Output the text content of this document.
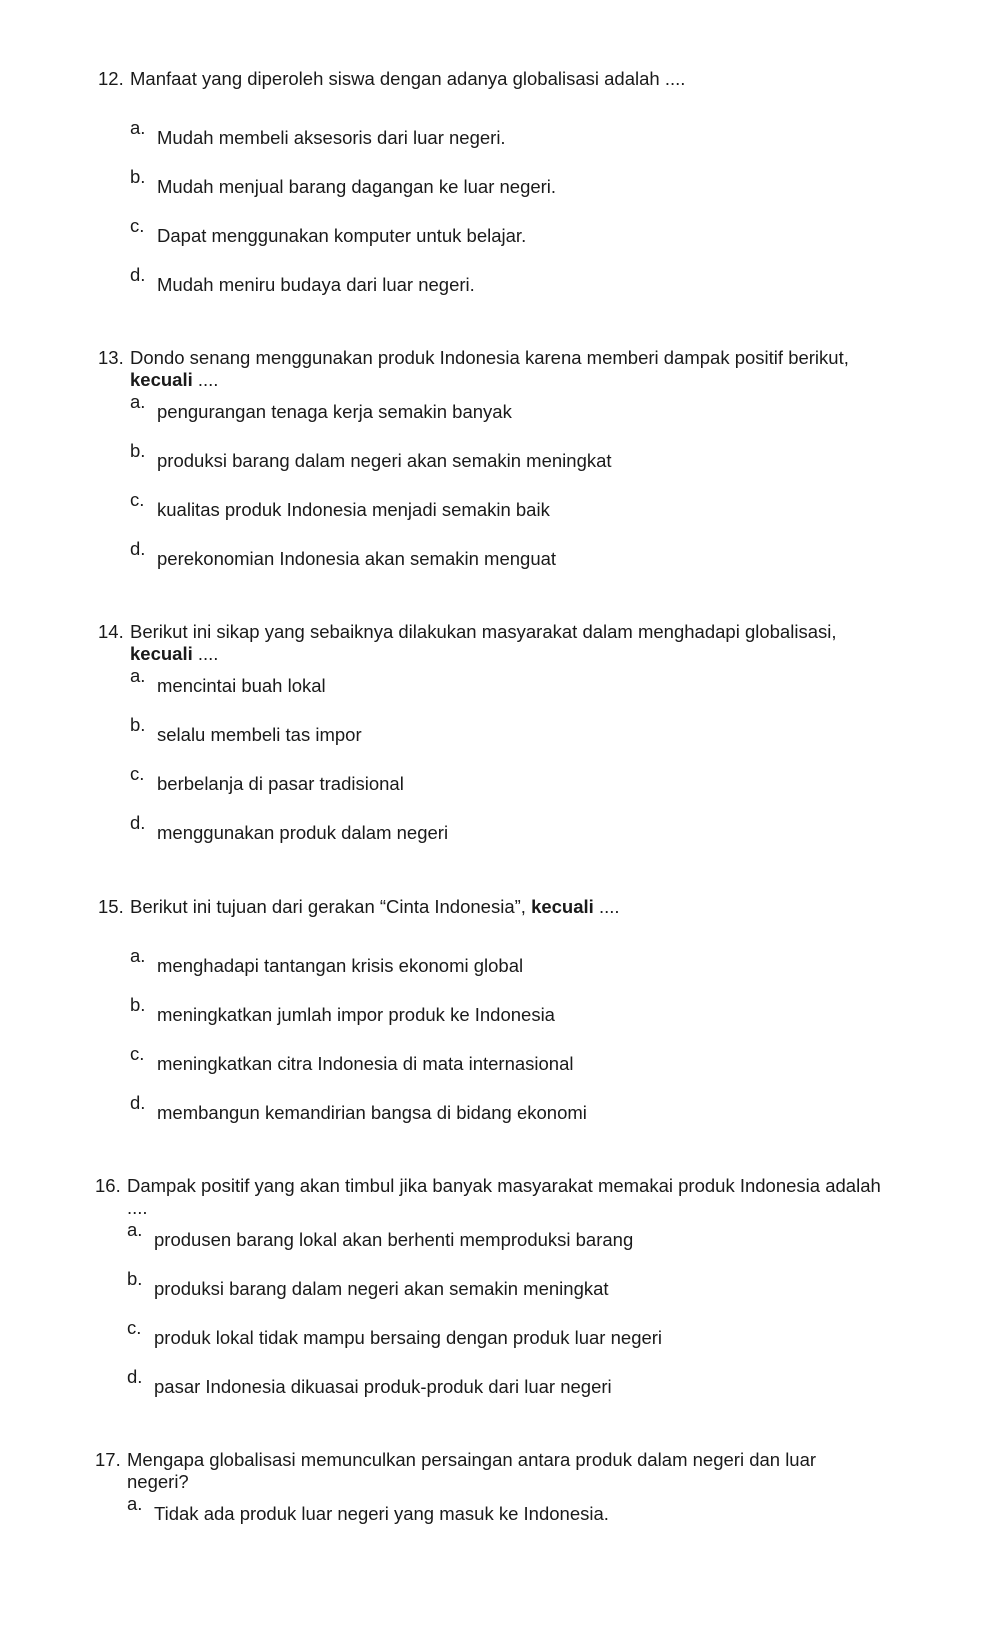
12. Manfaat yang diperoleh siswa dengan adanya globalisasi adalah ....
a. Mudah membeli aksesoris dari luar negeri.
b. Mudah menjual barang dagangan ke luar negeri.
c. Dapat menggunakan komputer untuk belajar.
d. Mudah meniru budaya dari luar negeri.
13. Dondo senang menggunakan produk Indonesia karena memberi dampak positif berikut, kecuali ....
a. pengurangan tenaga kerja semakin banyak
b. produksi barang dalam negeri akan semakin meningkat
c. kualitas produk Indonesia menjadi semakin baik
d. perekonomian Indonesia akan semakin menguat
14. Berikut ini sikap yang sebaiknya dilakukan masyarakat dalam menghadapi globalisasi, kecuali ....
a. mencintai buah lokal
b. selalu membeli tas impor
c. berbelanja di pasar tradisional
d. menggunakan produk dalam negeri
15. Berikut ini tujuan dari gerakan “Cinta Indonesia”, kecuali ....
a. menghadapi tantangan krisis ekonomi global
b. meningkatkan jumlah impor produk ke Indonesia
c. meningkatkan citra Indonesia di mata internasional
d. membangun kemandirian bangsa di bidang ekonomi
16. Dampak positif yang akan timbul jika banyak masyarakat memakai produk Indonesia adalah ....
a. produsen barang lokal akan berhenti memproduksi barang
b. produksi barang dalam negeri akan semakin meningkat
c. produk lokal tidak mampu bersaing dengan produk luar negeri
d. pasar Indonesia dikuasai produk-produk dari luar negeri
17. Mengapa globalisasi memunculkan persaingan antara produk dalam negeri dan luar negeri?
a. Tidak ada produk luar negeri yang masuk ke Indonesia.
